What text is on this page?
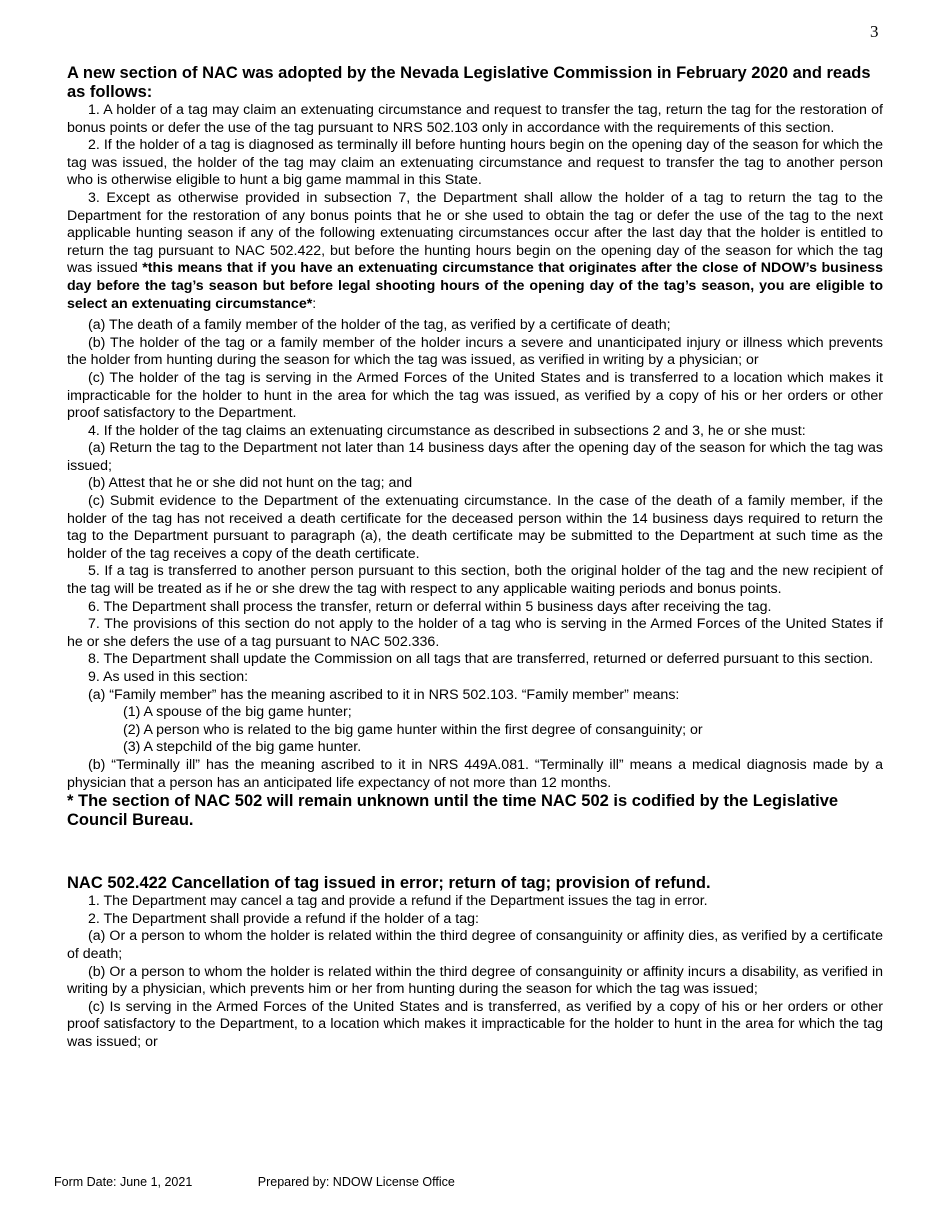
3

A new section of NAC was adopted by the Nevada Legislative Commission in February 2020 and reads as follows:

1. A holder of a tag may claim an extenuating circumstance and request to transfer the tag, return the tag for the restoration of bonus points or defer the use of the tag pursuant to NRS 502.103 only in accordance with the requirements of this section.

2. If the holder of a tag is diagnosed as terminally ill before hunting hours begin on the opening day of the season for which the tag was issued, the holder of the tag may claim an extenuating circumstance and request to transfer the tag to another person who is otherwise eligible to hunt a big game mammal in this State.

3. Except as otherwise provided in subsection 7, the Department shall allow the holder of a tag to return the tag to the Department for the restoration of any bonus points that he or she used to obtain the tag or defer the use of the tag to the next applicable hunting season if any of the following extenuating circumstances occur after the last day that the holder is entitled to return the tag pursuant to NAC 502.422, but before the hunting hours begin on the opening day of the season for which the tag was issued *this means that if you have an extenuating circumstance that originates after the close of NDOW’s business day before the tag’s season but before legal shooting hours of the opening day of the tag’s season, you are eligible to select an extenuating circumstance*:

(a) The death of a family member of the holder of the tag, as verified by a certificate of death;

(b) The holder of the tag or a family member of the holder incurs a severe and unanticipated injury or illness which prevents the holder from hunting during the season for which the tag was issued, as verified in writing by a physician; or

(c) The holder of the tag is serving in the Armed Forces of the United States and is transferred to a location which makes it impracticable for the holder to hunt in the area for which the tag was issued, as verified by a copy of his or her orders or other proof satisfactory to the Department.

4. If the holder of the tag claims an extenuating circumstance as described in subsections 2 and 3, he or she must:

(a) Return the tag to the Department not later than 14 business days after the opening day of the season for which the tag was issued;

(b) Attest that he or she did not hunt on the tag; and

(c) Submit evidence to the Department of the extenuating circumstance. In the case of the death of a family member, if the holder of the tag has not received a death certificate for the deceased person within the 14 business days required to return the tag to the Department pursuant to paragraph (a), the death certificate may be submitted to the Department at such time as the holder of the tag receives a copy of the death certificate.

5. If a tag is transferred to another person pursuant to this section, both the original holder of the tag and the new recipient of the tag will be treated as if he or she drew the tag with respect to any applicable waiting periods and bonus points.

6. The Department shall process the transfer, return or deferral within 5 business days after receiving the tag.

7. The provisions of this section do not apply to the holder of a tag who is serving in the Armed Forces of the United States if he or she defers the use of a tag pursuant to NAC 502.336.

8. The Department shall update the Commission on all tags that are transferred, returned or deferred pursuant to this section.

9. As used in this section:

(a) “Family member” has the meaning ascribed to it in NRS 502.103. “Family member” means:

(1) A spouse of the big game hunter;

(2) A person who is related to the big game hunter within the first degree of consanguinity; or

(3) A stepchild of the big game hunter.

(b) “Terminally ill” has the meaning ascribed to it in NRS 449A.081. “Terminally ill” means a medical diagnosis made by a physician that a person has an anticipated life expectancy of not more than 12 months.

* The section of NAC 502 will remain unknown until the time NAC 502 is codified by the Legislative Council Bureau.

NAC 502.422 Cancellation of tag issued in error; return of tag; provision of refund.

1. The Department may cancel a tag and provide a refund if the Department issues the tag in error.

2. The Department shall provide a refund if the holder of a tag:

(a) Or a person to whom the holder is related within the third degree of consanguinity or affinity dies, as verified by a certificate of death;

(b) Or a person to whom the holder is related within the third degree of consanguinity or affinity incurs a disability, as verified in writing by a physician, which prevents him or her from hunting during the season for which the tag was issued;

(c) Is serving in the Armed Forces of the United States and is transferred, as verified by a copy of his or her orders or other proof satisfactory to the Department, to a location which makes it impracticable for the holder to hunt in the area for which the tag was issued; or

Form Date: June 1, 2021	Prepared by: NDOW License Office
